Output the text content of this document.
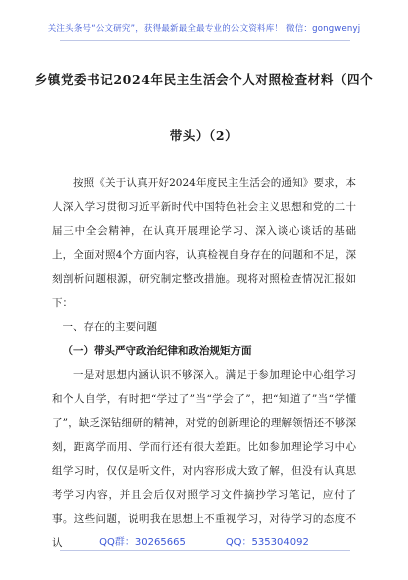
关注头条号“公文研究”，获得最新最全最专业的公文资料库！ 微信：gongwenyj
乡镇党委书记2024年民主生活会个人对照检查材料（四个
带头）（2）

按照《关于认真开好2024年度民主生活会的通知》要求，本人深入学习贯彻习近平新时代中国特色社会主义思想和党的二十届三中全会精神，在认真开展理论学习、深入谈心谈话的基础上，全面对照4个方面内容，认真检视自身存在的问题和不足，深刻剖析问题根源，研究制定整改措施。现将对照检查情况汇报如下：

一、存在的主要问题

（一）带头严守政治纪律和政治规矩方面

一是对思想内涵认识不够深入。满足于参加理论中心组学习和个人自学，有时把“学过了”当“学会了”，把“知道了”当“学懂了”，缺乏深钻细研的精神，对党的创新理论的理解领悟还不够深刻，距离学而用、学而行还有很大差距。比如参加理论学习中心组学习时，仅仅是听文件，对内容形成大致了解，但没有认真思考学习内容，并且会后仅对照学习文件摘抄学习笔记，应付了事。这些问题，说明我在思想上不重视学习，对待学习的态度不认	QQ群：30265665	QQ：535304092
